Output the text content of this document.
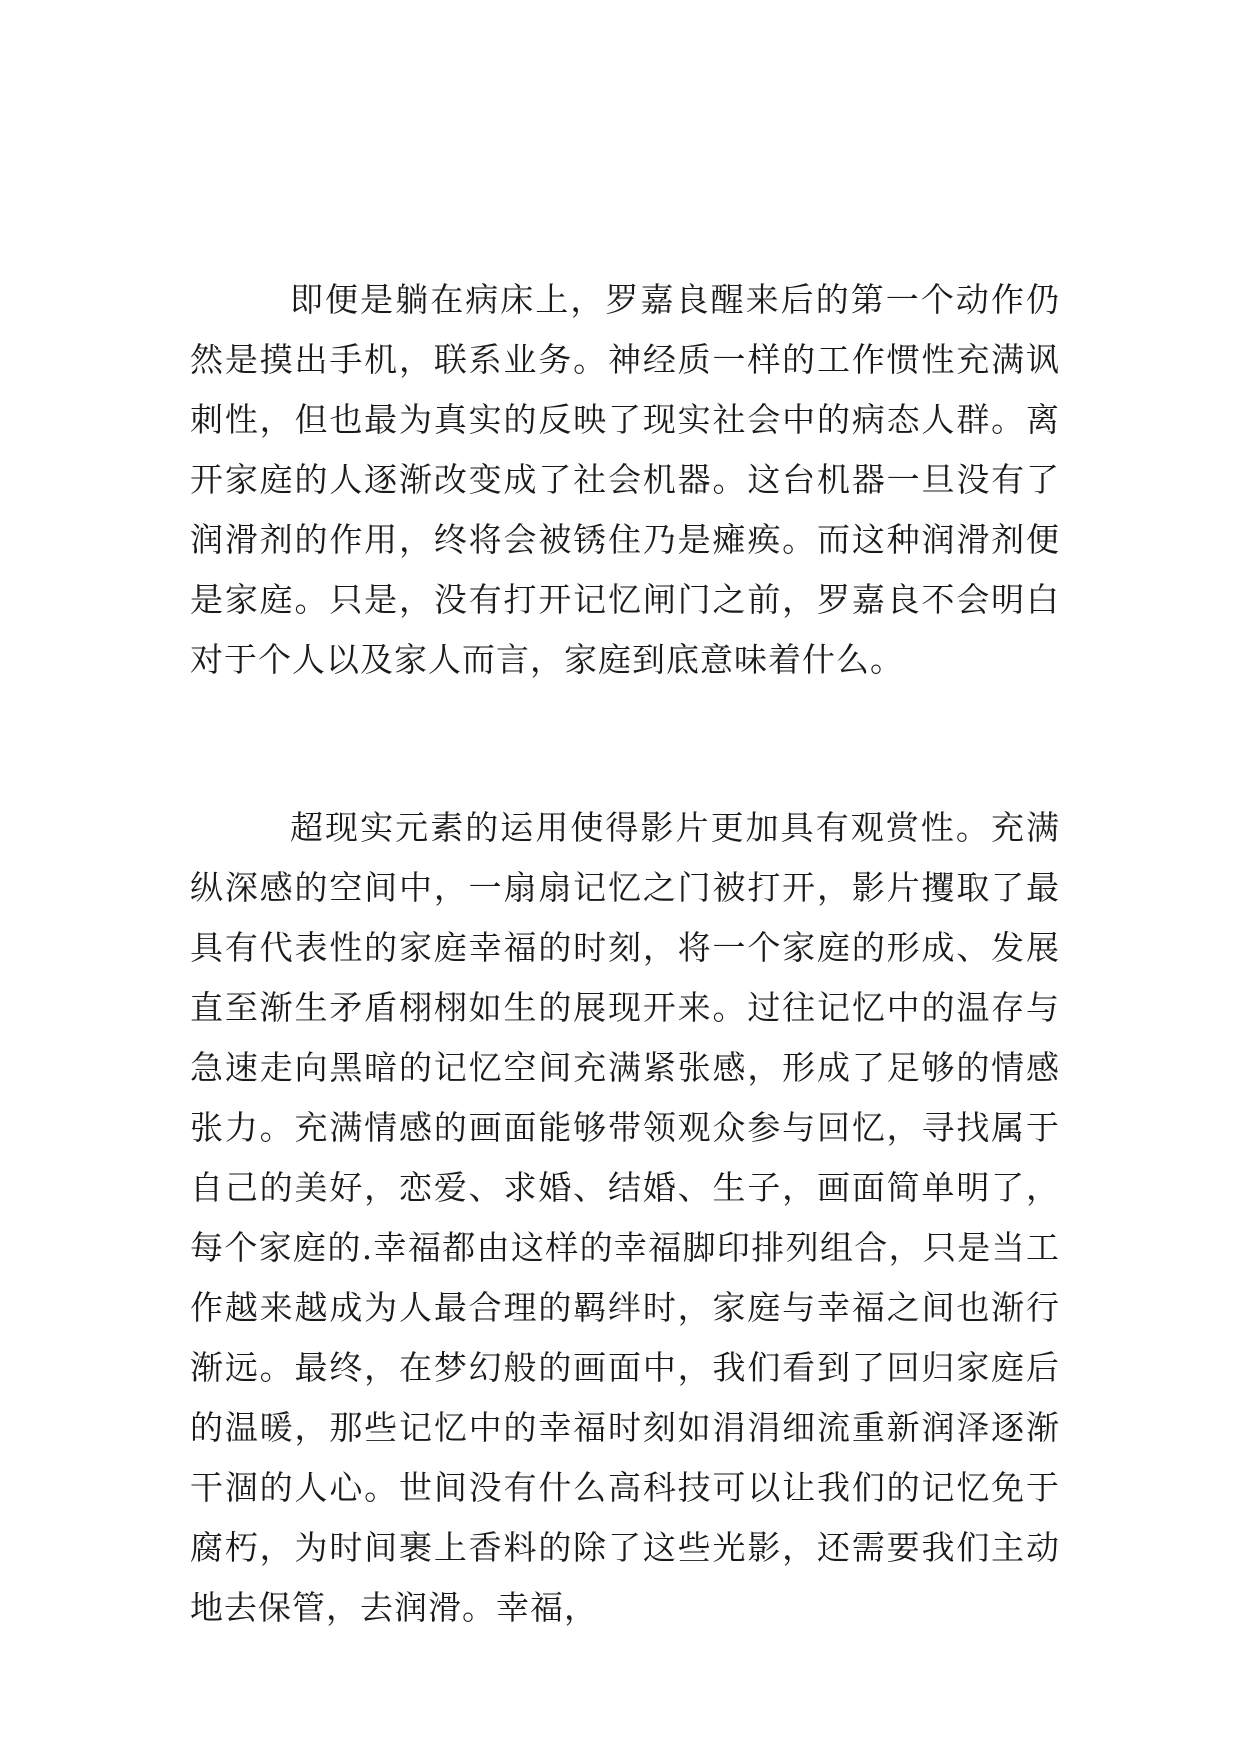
即便是躺在病床上，罗嘉良醒来后的第一个动作仍然是摸出手机，联系业务。神经质一样的工作惯性充满讽刺性，但也最为真实的反映了现实社会中的病态人群。离开家庭的人逐渐改变成了社会机器。这台机器一旦没有了润滑剂的作用，终将会被锈住乃是瘫痪。而这种润滑剂便是家庭。只是，没有打开记忆闸门之前，罗嘉良不会明白对于个人以及家人而言，家庭到底意味着什么。

超现实元素的运用使得影片更加具有观赏性。充满纵深感的空间中，一扇扇记忆之门被打开，影片攫取了最具有代表性的家庭幸福的时刻，将一个家庭的形成、发展直至渐生矛盾栩栩如生的展现开来。过往记忆中的温存与急速走向黑暗的记忆空间充满紧张感，形成了足够的情感张力。充满情感的画面能够带领观众参与回忆，寻找属于自己的美好，恋爱、求婚、结婚、生子，画面简单明了，每个家庭的.幸福都由这样的幸福脚印排列组合，只是当工作越来越成为人最合理的羁绊时，家庭与幸福之间也渐行渐远。最终，在梦幻般的画面中，我们看到了回归家庭后的温暖，那些记忆中的幸福时刻如涓涓细流重新润泽逐渐干涸的人心。世间没有什么高科技可以让我们的记忆免于腐朽，为时间裹上香料的除了这些光影，还需要我们主动地去保管，去润滑。幸福，
